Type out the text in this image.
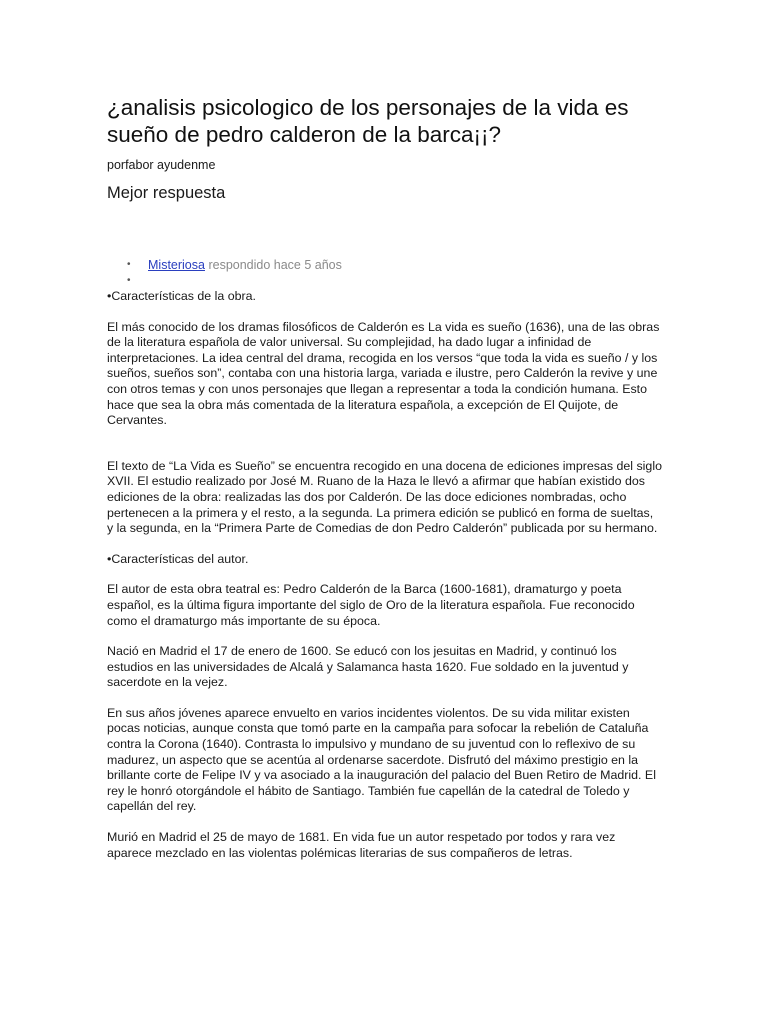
¿analisis psicologico de los personajes de la vida es sueño de pedro calderon de la barca¡¡?

porfabor ayudenme

Mejor respuesta
• Misteriosa respondido hace 5 años
•

•Características de la obra.

El más conocido de los dramas filosóficos de Calderón es La vida es sueño (1636), una de las obras de la literatura española de valor universal. Su complejidad, ha dado lugar a infinidad de interpretaciones. La idea central del drama, recogida en los versos “que toda la vida es sueño / y los sueños, sueños son”, contaba con una historia larga, variada e ilustre, pero Calderón la revive y une con otros temas y con unos personajes que llegan a representar a toda la condición humana. Esto hace que sea la obra más comentada de la literatura española, a excepción de El Quijote, de Cervantes.

El texto de “La Vida es Sueño” se encuentra recogido en una docena de ediciones impresas del siglo XVII. El estudio realizado por José M. Ruano de la Haza le llevó a afirmar que habían existido dos ediciones de la obra: realizadas las dos por Calderón. De las doce ediciones nombradas, ocho pertenecen a la primera y el resto, a la segunda. La primera edición se publicó en forma de sueltas, y la segunda, en la “Primera Parte de Comedias de don Pedro Calderón” publicada por su hermano.

•Características del autor.

El autor de esta obra teatral es: Pedro Calderón de la Barca (1600-1681), dramaturgo y poeta español, es la última figura importante del siglo de Oro de la literatura española. Fue reconocido como el dramaturgo más importante de su época.

Nació en Madrid el 17 de enero de 1600. Se educó con los jesuitas en Madrid, y continuó los estudios en las universidades de Alcalá y Salamanca hasta 1620. Fue soldado en la juventud y sacerdote en la vejez.

En sus años jóvenes aparece envuelto en varios incidentes violentos. De su vida militar existen pocas noticias, aunque consta que tomó parte en la campaña para sofocar la rebelión de Cataluña contra la Corona (1640). Contrasta lo impulsivo y mundano de su juventud con lo reflexivo de su madurez, un aspecto que se acentúa al ordenarse sacerdote. Disfrutó del máximo prestigio en la brillante corte de Felipe IV y va asociado a la inauguración del palacio del Buen Retiro de Madrid. El rey le honró otorgándole el hábito de Santiago. También fue capellán de la catedral de Toledo y capellán del rey.

Murió en Madrid el 25 de mayo de 1681. En vida fue un autor respetado por todos y rara vez aparece mezclado en las violentas polémicas literarias de sus compañeros de letras.
